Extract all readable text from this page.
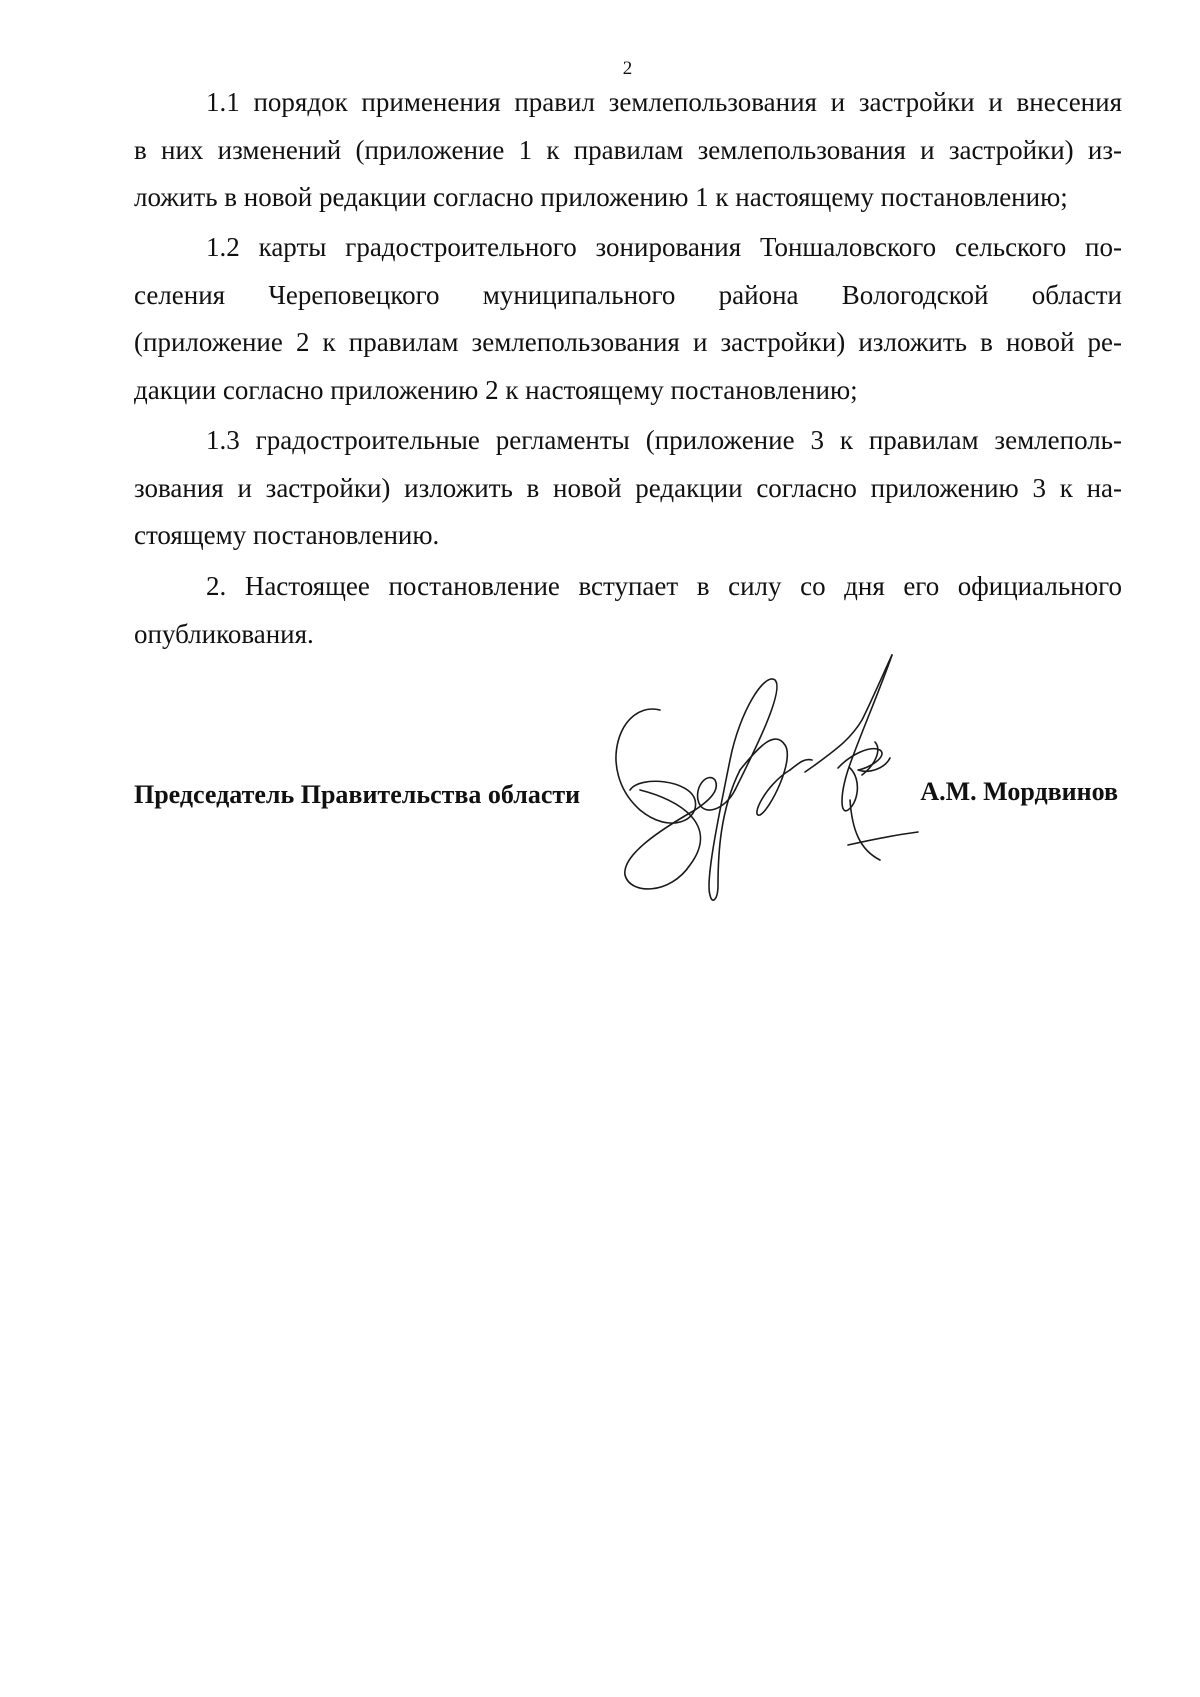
2
1.1 порядок применения правил землепользования и застройки и внесения
в них изменений (приложение 1 к правилам землепользования и застройки) из-
ложить в новой редакции согласно приложению 1 к настоящему постановлению;
1.2 карты градостроительного зонирования Тоншаловского сельского по-
селения Череповецкого муниципального района Вологодской области
(приложение 2 к правилам землепользования и застройки) изложить в новой ре-
дакции согласно приложению 2 к настоящему постановлению;
1.3 градостроительные регламенты (приложение 3 к правилам землеполь-
зования и застройки) изложить в новой редакции согласно приложению 3 к на-
стоящему постановлению.
2. Настоящее постановление вступает в силу со дня его официального
опубликования.
Председатель Правительства области	А.М. Мордвинов
